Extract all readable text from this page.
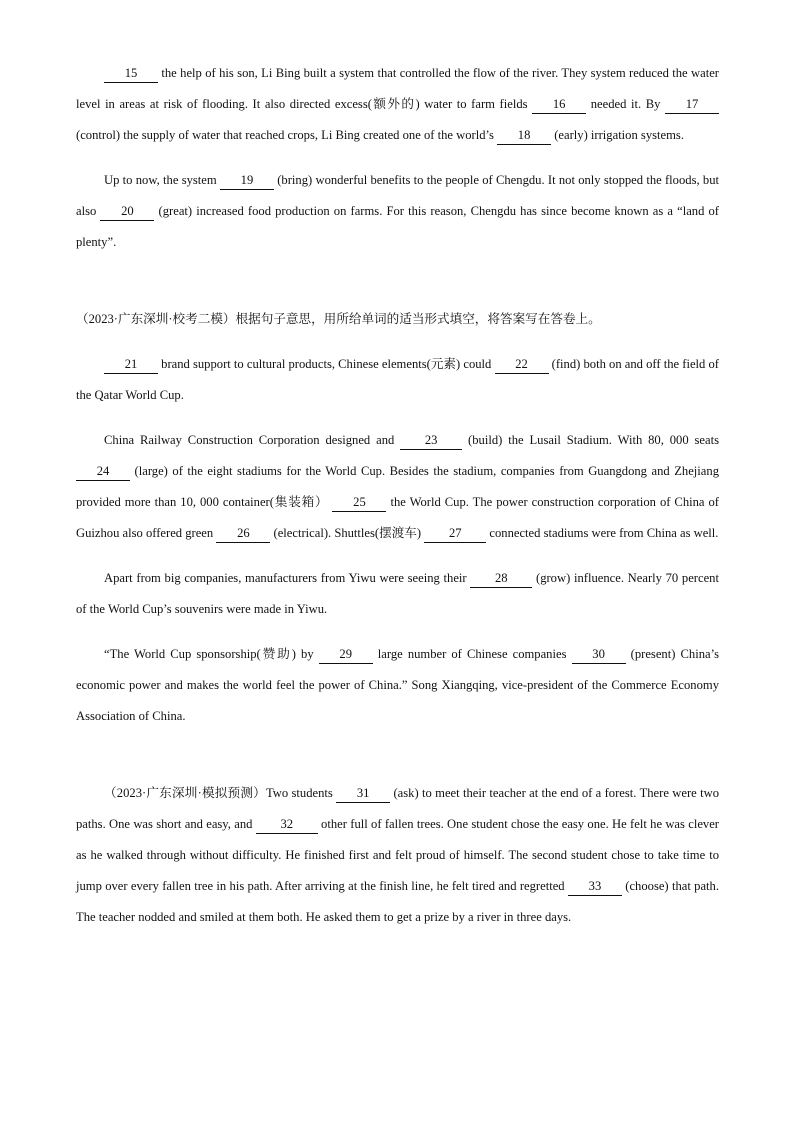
15 the help of his son, Li Bing built a system that controlled the flow of the river. They system reduced the water level in areas at risk of flooding. It also directed excess(额外的) water to farm fields 16 needed it. By 17 (control) the supply of water that reached crops, Li Bing created one of the world’s 18 (early) irrigation systems.

Up to now, the system 19 (bring) wonderful benefits to the people of Chengdu. It not only stopped the floods, but also 20 (great) increased food production on farms. For this reason, Chengdu has since become known as a “land of plenty”.

（2023·广东深圳·校考二模）根据句子意思，用所给单词的适当形式填空，将答案写在答卷上。

21 brand support to cultural products, Chinese elements(元素) could 22 (find) both on and off the field of the Qatar World Cup.

China Railway Construction Corporation designed and 23 (build) the Lusail Stadium. With 80, 000 seats 24 (large) of the eight stadiums for the World Cup. Besides the stadium, companies from Guangdong and Zhejiang provided more than 10, 000 container(集装箱） 25 the World Cup. The power construction corporation of China of Guizhou also offered green 26 (electrical). Shuttles(摆渡车) 27 connected stadiums were from China as well.

Apart from big companies, manufacturers from Yiwu were seeing their 28 (grow) influence. Nearly 70 percent of the World Cup’s souvenirs were made in Yiwu.

“The World Cup sponsorship(赞助) by 29 large number of Chinese companies 30 (present) China’s economic power and makes the world feel the power of China.” Song Xiangqing, vice-president of the Commerce Economy Association of China.

（2023·广东深圳·模拟预测）Two students 31 (ask) to meet their teacher at the end of a forest. There were two paths. One was short and easy, and 32 other full of fallen trees. One student chose the easy one. He felt he was clever as he walked through without difficulty. He finished first and felt proud of himself. The second student chose to take time to jump over every fallen tree in his path. After arriving at the finish line, he felt tired and regretted 33 (choose) that path. The teacher nodded and smiled at them both. He asked them to get a prize by a river in three days.
